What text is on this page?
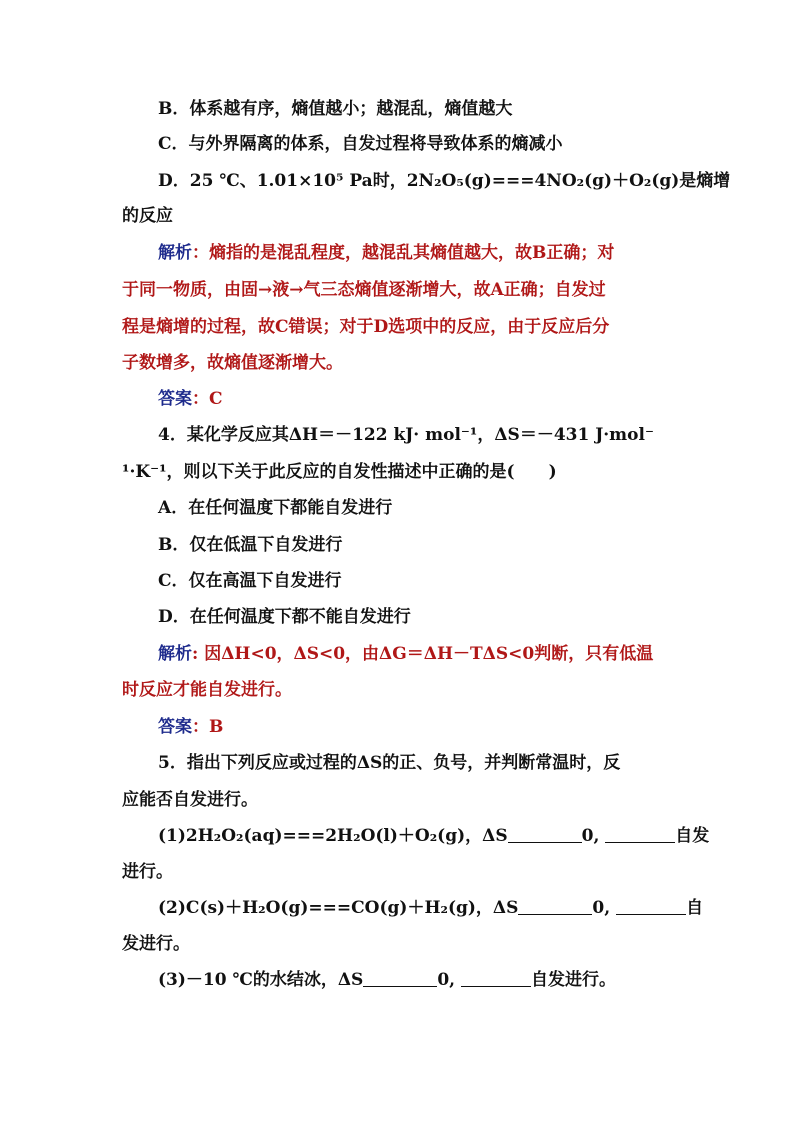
B．体系越有序，熵值越小；越混乱，熵值越大
C．与外界隔离的体系，自发过程将导致体系的熵减小
D．25 ℃、1.01×10⁵ Pa时，2N₂O₅(g)===4NO₂(g)＋O₂(g)是熵增
的反应
解析：熵指的是混乱程度，越混乱其熵值越大，故B正确；对
于同一物质，由固→液→气三态熵值逐渐增大，故A正确；自发过
程是熵增的过程，故C错误；对于D选项中的反应，由于反应后分
子数增多，故熵值逐渐增大。
答案：C
4．某化学反应其ΔH＝－122 kJ· mol⁻¹，ΔS＝－431 J·mol⁻
¹·K⁻¹，则以下关于此反应的自发性描述中正确的是(　　)
A．在任何温度下都能自发进行
B．仅在低温下自发进行
C．仅在高温下自发进行
D．在任何温度下都不能自发进行
解析: 因ΔH<0，ΔS<0，由ΔG＝ΔH－TΔS<0判断，只有低温
时反应才能自发进行。
答案：B
5．指出下列反应或过程的ΔS的正、负号，并判断常温时，反
应能否自发进行。
(1)2H₂O₂(aq)===2H₂O(l)＋O₂(g)，ΔS	0,	自发
进行。
(2)C(s)＋H₂O(g)===CO(g)＋H₂(g)，ΔS	0,	自
发进行。
(3)－10 ℃的水结冰，ΔS	0,	自发进行。
